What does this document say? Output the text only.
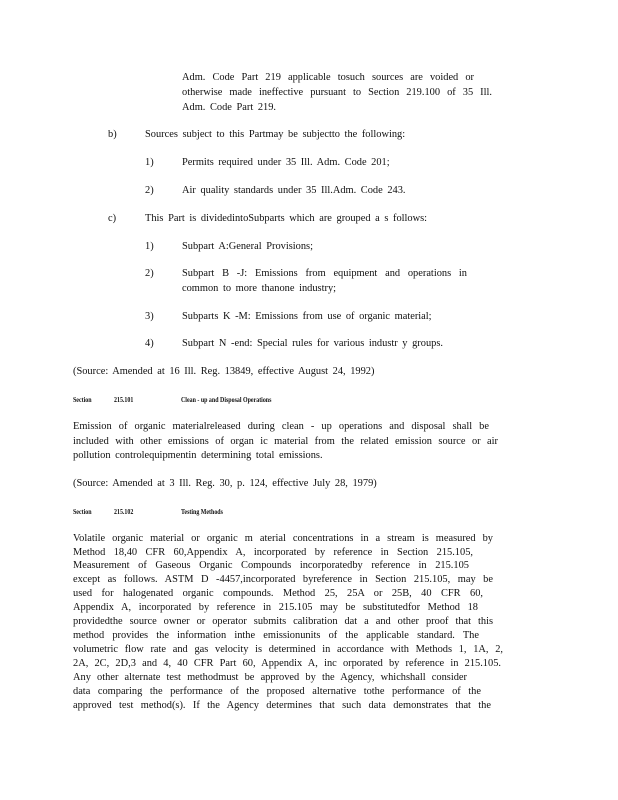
Adm. Code Part 219 applicable tosuch sources are voided or
otherwise made ineffective pursuant to Section 219.100 of 35 Ill.
Adm. Code Part 219.
b)	Sources subject to this Partmay be subjectto the following:
1)	Permits required under 35 Ill. Adm. Code 201;
2)	Air quality standards under 35 Ill.Adm. Code 243.
c)	This Part is dividedintoSubparts which are grouped a s follows:
1)	Subpart A:General Provisions;
2)	Subpart B -J: Emissions from equipment and operations in
common to more thanone industry;
3)	Subparts K -M: Emissions from use of organic material;
4)	Subpart N -end: Special rules for various industr y groups.
(Source: Amended at 16 Ill. Reg. 13849, effective August 24, 1992)
Section	215.101	Clean - up and Disposal Operations
Emission of organic materialreleased during clean - up operations and disposal shall be
included with other emissions of organ ic material from the related emission source or air
pollution controlequipmentin determining total emissions.
(Source: Amended at 3 Ill. Reg. 30, p. 124, effective July 28, 1979)
Section	215.102	Testing Methods
Volatile organic material or organic m aterial concentrations in a stream is measured by
Method 18,40 CFR 60,Appendix A, incorporated by reference in Section 215.105,
Measurement of Gaseous Organic Compounds incorporatedby reference in 215.105
except as follows. ASTM D -4457,incorporated byreference in Section 215.105, may be
used for halogenated organic compounds. Method 25, 25A or 25B, 40 CFR 60,
Appendix A, incorporated by reference in 215.105 may be substitutedfor Method 18
providedthe source owner or operator submits calibration dat a and other proof that this
method provides the information inthe emissionunits of the applicable standard. The
volumetric flow rate and gas velocity is determined in accordance with Methods 1, 1A, 2,
2A, 2C, 2D,3 and 4, 40 CFR Part 60, Appendix A, inc orporated by reference in 215.105.
Any other alternate test methodmust be approved by the Agency, whichshall consider
data comparing the performance of the proposed alternative tothe performance of the
approved test method(s). If the Agency determines that such data demonstrates that the
